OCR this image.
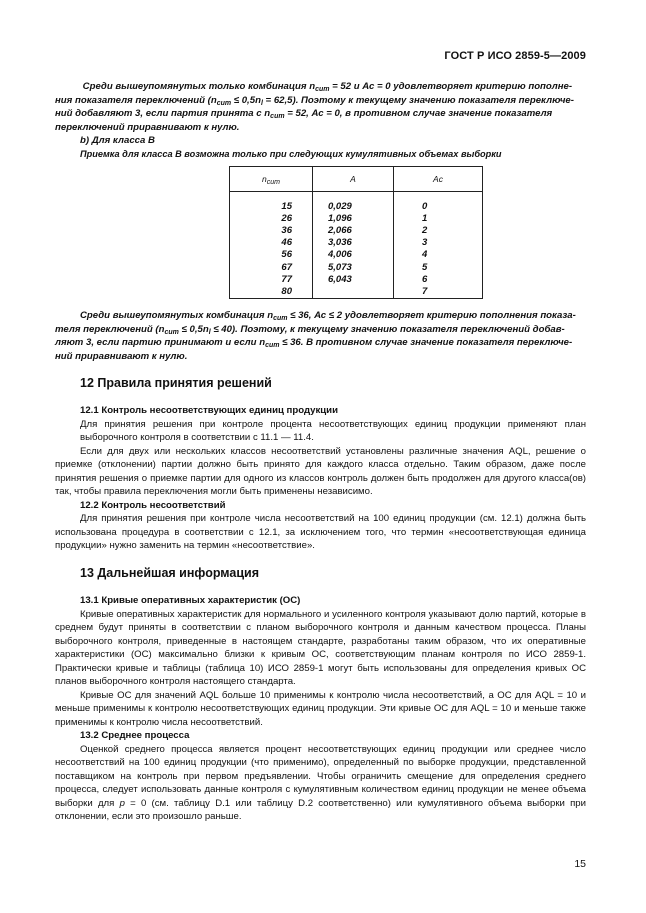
ГОСТ Р ИСО 2859-5—2009

Среди вышеупомянутых только комбинация $n_{cum} = 52$ и Ас = 0 удовлетворяет критерию пополне-

ния показателя переключений $(n_{cum} \le 0,5n_l = 62,5)$. Поэтому к текущему значению показателя переключе-

ний добавляют 3, если партия принята с $n_{cum} = 52$, Ас = 0, в противном случае значение показателя

переключений приравнивают к нулю.

b) Для класса В
Приемка для класса В возможна только при следующих кумулятивных объемах выборки
$n_{cum}$	A	Ac

15	0,029	0
26	1,096	1
36	2,066	2
46	3,036	3
56	4,006	4
67	5,073	5
77	6,043	6
80		7

Среди вышеупомянутых комбинация $n_{cum} \le 36$, Ас ≤ 2 удовлетворяет критерию пополнения показа-

теля переключений $(n_{cum} \le 0,5n_l \le 40)$. Поэтому, к текущему значению показателя переключений добав-

ляют 3, если партию принимают и если $n_{cum} \le 36$. В противном случае значение показателя переключе-

ний приравнивают к нулю.

12 Правила принятия решений

12.1 Контроль несоответствующих единиц продукции

Для принятия решения при контроле процента несоответствующих единиц продукции применяют план выборочного контроля в соответствии с 11.1 — 11.4.

Если для двух или нескольких классов несоответствий установлены различные значения AQL, решение о приемке (отклонении) партии должно быть принято для каждого класса отдельно. Таким образом, даже после принятия решения о приемке партии для одного из классов контроль должен быть продолжен для другого класса(ов) так, чтобы правила переключения могли быть применены независимо.

12.2 Контроль несоответствий

Для принятия решения при контроле числа несоответствий на 100 единиц продукции (см. 12.1) должна быть использована процедура в соответствии с 12.1, за исключением того, что термин «несоответствующая единица продукции» нужно заменить на термин «несоответствие».

13 Дальнейшая информация

13.1 Кривые оперативных характеристик (ОС)

Кривые оперативных характеристик для нормального и усиленного контроля указывают долю партий, которые в среднем будут приняты в соответствии с планом выборочного контроля и данным качеством процесса. Планы выборочного контроля, приведенные в настоящем стандарте, разработаны таким образом, что их оперативные характеристики (ОС) максимально близки к кривым ОС, соответствующим планам контроля по ИСО 2859-1. Практически кривые и таблицы (таблица 10) ИСО 2859-1 могут быть использованы для определения кривых ОС планов выборочного контроля настоящего стандарта.

Кривые ОС для значений AQL больше 10 применимы к контролю числа несоответствий, а ОС для AQL = 10 и меньше применимы к контролю несоответствующих единиц продукции. Эти кривые ОС для AQL = 10 и меньше также применимы к контролю числа несоответствий.

13.2 Среднее процесса

Оценкой среднего процесса является процент несоответствующих единиц продукции или среднее число несоответствий на 100 единиц продукции (что применимо), определенный по выборке продукции, представленной поставщиком на контроль при первом предъявлении. Чтобы ограничить смещение для определения среднего процесса, следует использовать данные контроля с кумулятивным количеством единиц продукции не менее объема выборки для p = 0 (см. таблицу D.1 или таблицу D.2 соответственно) или кумулятивного объема выборки при отклонении, если это произошло раньше.

15
